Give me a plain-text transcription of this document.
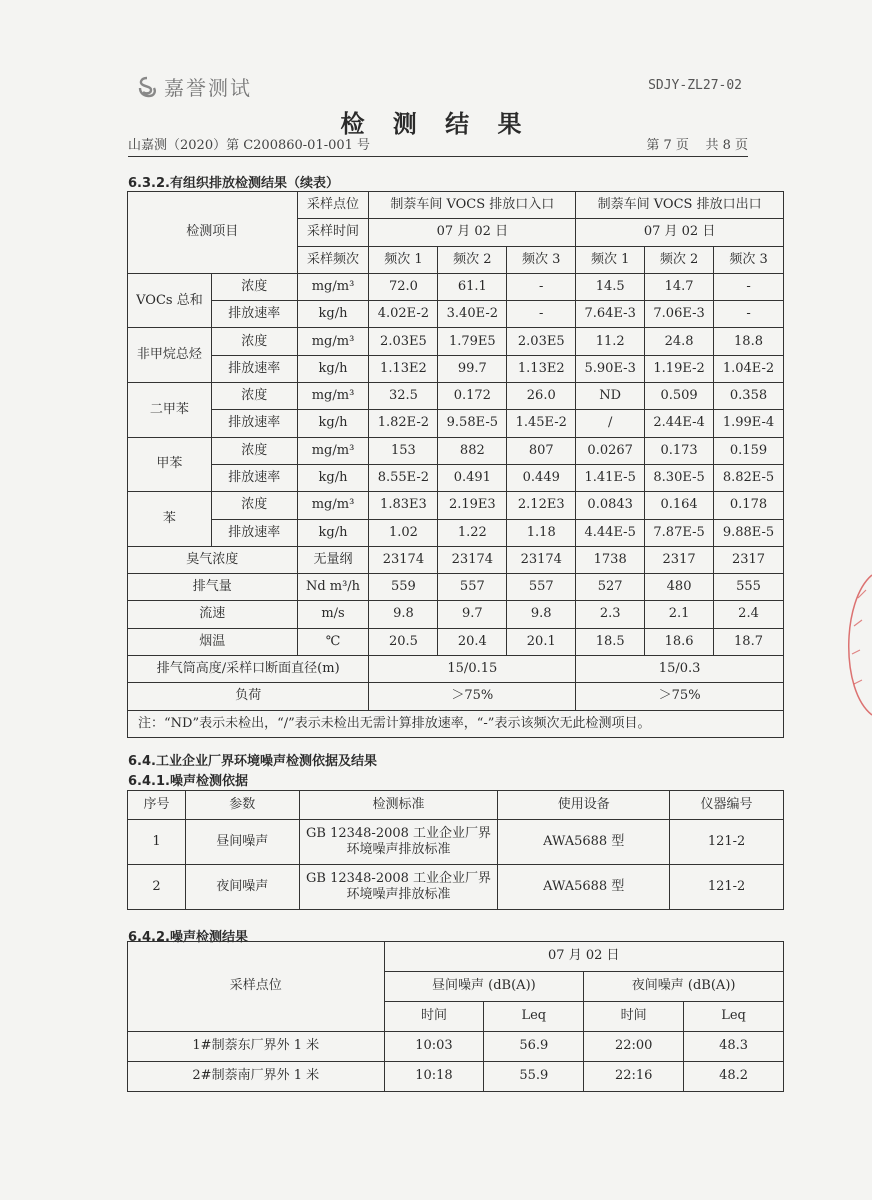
嘉誉测试	SDJY-ZL27-02
检 测 结 果
山嘉测（2020）第 C200860-01-001 号	第 7 页    共 8 页
6.3.2.有组织排放检测结果（续表）
检测项目		采样点位	制萘车间 VOCS 排放口入口			制萘车间 VOCS 排放口出口		
		采样时间	07 月 02 日			07 月 02 日		
		采样频次	频次 1	频次 2	频次 3	频次 1	频次 2	频次 3
VOCs 总和	浓度	mg/m³	72.0	61.1	-	14.5	14.7	-
	排放速率	kg/h	4.02E-2	3.40E-2	-	7.64E-3	7.06E-3	-
非甲烷总烃	浓度	mg/m³	2.03E5	1.79E5	2.03E5	11.2	24.8	18.8
	排放速率	kg/h	1.13E2	99.7	1.13E2	5.90E-3	1.19E-2	1.04E-2
二甲苯	浓度	mg/m³	32.5	0.172	26.0	ND	0.509	0.358
	排放速率	kg/h	1.82E-2	9.58E-5	1.45E-2	/	2.44E-4	1.99E-4
甲苯	浓度	mg/m³	153	882	807	0.0267	0.173	0.159
	排放速率	kg/h	8.55E-2	0.491	0.449	1.41E-5	8.30E-5	8.82E-5
苯	浓度	mg/m³	1.83E3	2.19E3	2.12E3	0.0843	0.164	0.178
	排放速率	kg/h	1.02	1.22	1.18	4.44E-5	7.87E-5	9.88E-5
臭气浓度		无量纲	23174	23174	23174	1738	2317	2317
排气量		Nd m³/h	559	557	557	527	480	555
流速		m/s	9.8	9.7	9.8	2.3	2.1	2.4
烟温		℃	20.5	20.4	20.1	18.5	18.6	18.7
排气筒高度/采样口断面直径(m)			15/0.15			15/0.3		
负荷			＞75%			＞75%		
注：“ND”表示未检出，“/”表示未检出无需计算排放速率，“-”表示该频次无此检测项目。								
6.4.工业企业厂界环境噪声检测依据及结果
6.4.1.噪声检测依据
序号	参数	检测标准	使用设备	仪器编号
1	昼间噪声	GB 12348-2008 工业企业厂界
环境噪声排放标准	AWA5688 型	121-2
2	夜间噪声	GB 12348-2008 工业企业厂界
环境噪声排放标准	AWA5688 型	121-2
6.4.2.噪声检测结果
采样点位	07 月 02 日			
	昼间噪声 (dB(A))		夜间噪声 (dB(A))	
	时间	Leq	时间	Leq
1#制萘东厂界外 1 米	10:03	56.9	22:00	48.3
2#制萘南厂界外 1 米	10:18	55.9	22:16	48.2
